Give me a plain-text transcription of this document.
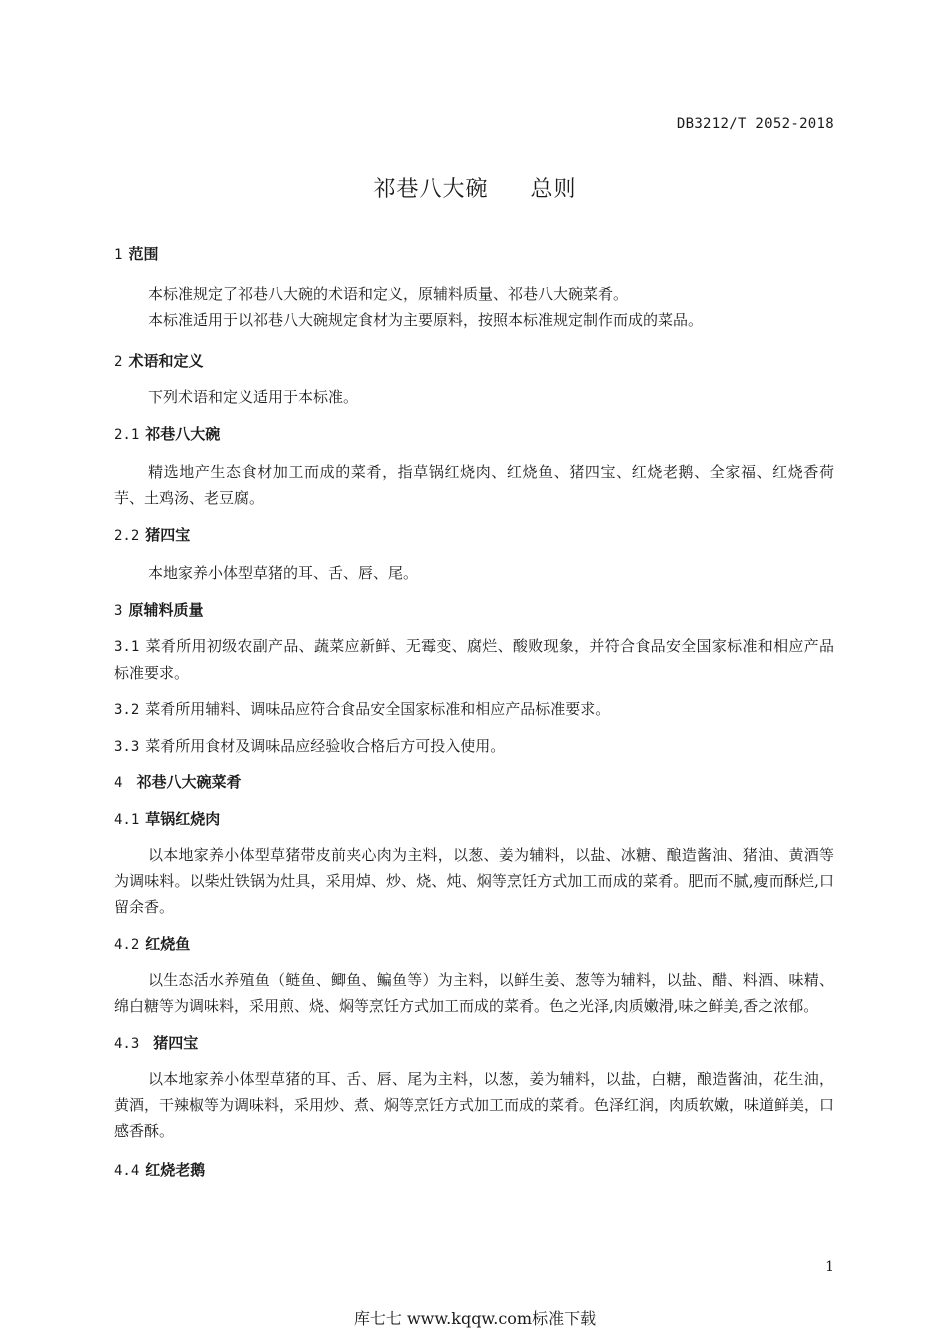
DB3212/T 2052-2018
祁巷八大碗 总则
1 范围

本标准规定了祁巷八大碗的术语和定义，原辅料质量、祁巷八大碗菜肴。

本标准适用于以祁巷八大碗规定食材为主要原料，按照本标准规定制作而成的菜品。

2 术语和定义

下列术语和定义适用于本标准。

2.1 祁巷八大碗

精选地产生态食材加工而成的菜肴，指草锅红烧肉、红烧鱼、猪四宝、红烧老鹅、全家福、红烧香荷芋、土鸡汤、老豆腐。

2.2 猪四宝

本地家养小体型草猪的耳、舌、唇、尾。

3 原辅料质量

3.1 菜肴所用初级农副产品、蔬菜应新鲜、无霉变、腐烂、酸败现象，并符合食品安全国家标准和相应产品标准要求。

3.2 菜肴所用辅料、调味品应符合食品安全国家标准和相应产品标准要求。

3.3 菜肴所用食材及调味品应经验收合格后方可投入使用。

4 祁巷八大碗菜肴
4.1 草锅红烧肉

以本地家养小体型草猪带皮前夹心肉为主料，以葱、姜为辅料，以盐、冰糖、酿造酱油、猪油、黄酒等为调味料。以柴灶铁锅为灶具，采用焯、炒、烧、炖、焖等烹饪方式加工而成的菜肴。肥而不腻,瘦而酥烂,口留余香。

4.2 红烧鱼

以生态活水养殖鱼（鲢鱼、鲫鱼、鳊鱼等）为主料，以鲜生姜、葱等为辅料，以盐、醋、料酒、味精、绵白糖等为调味料，采用煎、烧、焖等烹饪方式加工而成的菜肴。色之光泽,肉质嫩滑,味之鲜美,香之浓郁。

4.3 猪四宝

以本地家养小体型草猪的耳、舌、唇、尾为主料，以葱，姜为辅料，以盐，白糖，酿造酱油，花生油，黄酒，干辣椒等为调味料，采用炒、煮、焖等烹饪方式加工而成的菜肴。色泽红润，肉质软嫩，味道鲜美，口感香酥。

4.4 红烧老鹅
1
库七七 www.kqqw.com标准下载
